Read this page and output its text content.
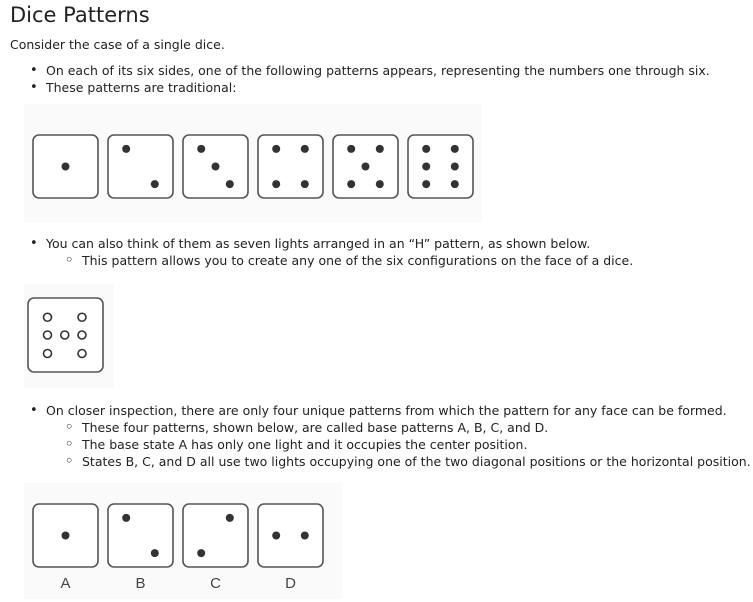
Dice Patterns

Consider the case of a single dice.

• On each of its six sides, one of the following patterns appears, representing the numbers one through six.
• These patterns are traditional:
• You can also think of them as seven lights arranged in an “H” pattern, as shown below.
◦ This pattern allows you to create any one of the six configurations on the face of a dice.
• On closer inspection, there are only four unique patterns from which the pattern for any face can be formed.
◦ These four patterns, shown below, are called base patterns A, B, C, and D.
◦ The base state A has only one light and it occupies the center position.
◦ States B, C, and D all use two lights occupying one of the two diagonal positions or the horizontal position.
A	B	C	D
